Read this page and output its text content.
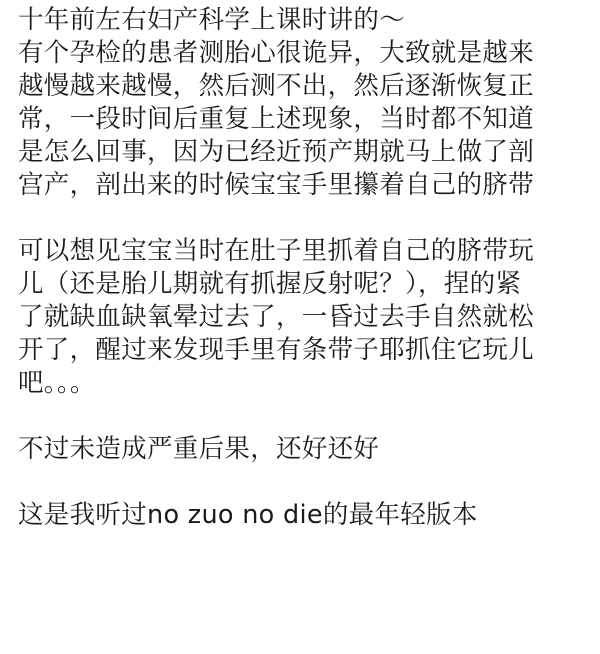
十年前左右妇产科学上课时讲的～
有个孕检的患者测胎心很诡异，大致就是越来
越慢越来越慢，然后测不出，然后逐渐恢复正
常，一段时间后重复上述现象，当时都不知道
是怎么回事，因为已经近预产期就马上做了剖
宫产，剖出来的时候宝宝手里攥着自己的脐带
可以想见宝宝当时在肚子里抓着自己的脐带玩
儿（还是胎儿期就有抓握反射呢？），捏的紧
了就缺血缺氧晕过去了，一昏过去手自然就松
开了，醒过来发现手里有条带子耶抓住它玩儿
吧。。。
不过未造成严重后果，还好还好
这是我听过no zuo no die的最年轻版本
